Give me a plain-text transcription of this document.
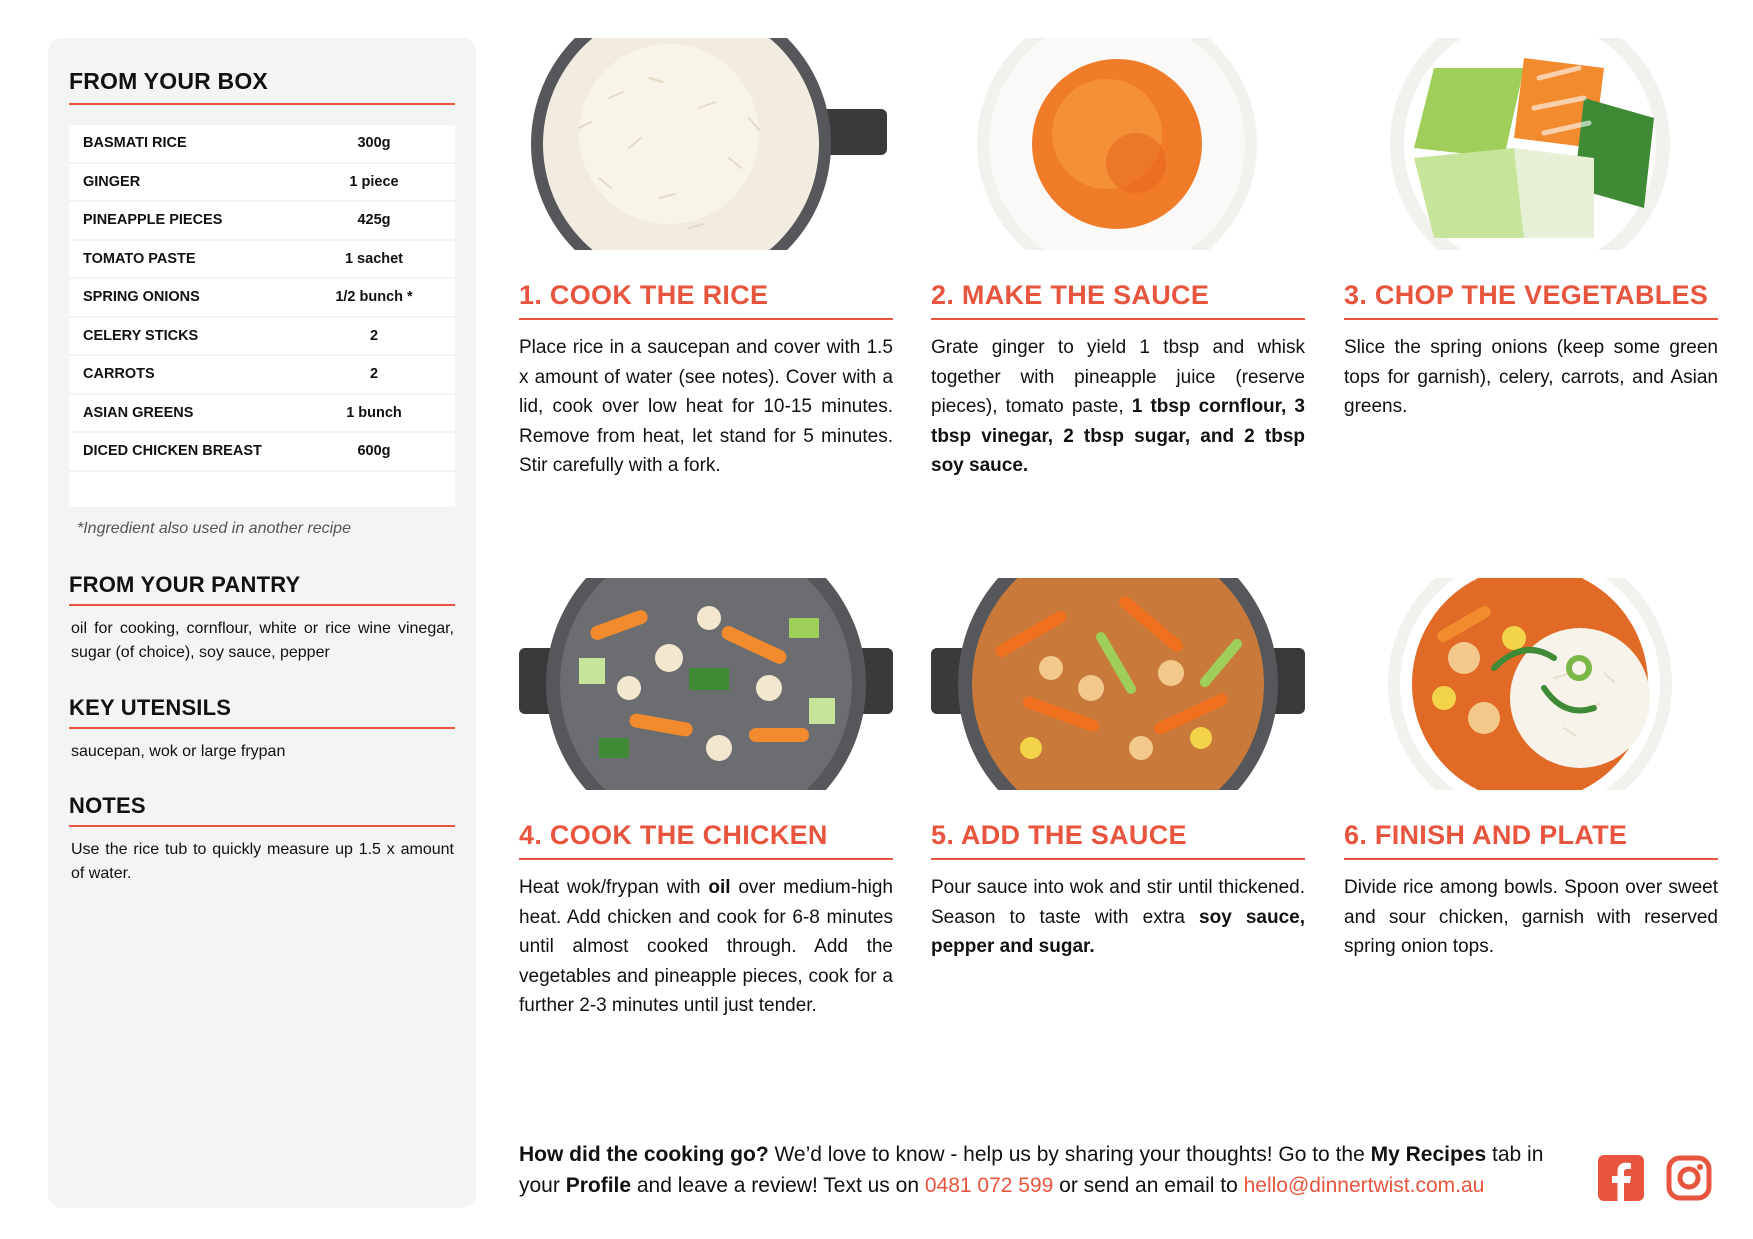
FROM YOUR BOX
BASMATI RICE	300g
GINGER	1 piece
PINEAPPLE PIECES	425g
TOMATO PASTE	1 sachet
SPRING ONIONS	1/2 bunch *
CELERY STICKS	2
CARROTS	2
ASIAN GREENS	1 bunch
DICED CHICKEN BREAST	600g
*Ingredient also used in another recipe
FROM YOUR PANTRY

oil for cooking, cornflour, white or rice wine vinegar, sugar (of choice), soy sauce, pepper

KEY UTENSILS

saucepan, wok or large frypan

NOTES

Use the rice tub to quickly measure up 1.5 x amount of water.

1. COOK THE RICE

Place rice in a saucepan and cover with 1.5 x amount of water (see notes). Cover with a lid, cook over low heat for 10-15 minutes. Remove from heat, let stand for 5 minutes. Stir carefully with a fork.

2. MAKE THE SAUCE

Grate ginger to yield 1 tbsp and whisk together with pineapple juice (reserve pieces), tomato paste, 1 tbsp cornflour, 3 tbsp vinegar, 2 tbsp sugar, and 2 tbsp soy sauce.

3. CHOP THE VEGETABLES

Slice the spring onions (keep some green tops for garnish), celery, carrots, and Asian greens.

4. COOK THE CHICKEN

Heat wok/frypan with oil over medium-high heat. Add chicken and cook for 6-8 minutes until almost cooked through. Add the vegetables and pineapple pieces, cook for a further 2-3 minutes until just tender.

5. ADD THE SAUCE

Pour sauce into wok and stir until thickened. Season to taste with extra soy sauce, pepper and sugar.

6. FINISH AND PLATE

Divide rice among bowls. Spoon over sweet and sour chicken, garnish with reserved spring onion tops.

How did the cooking go? We’d love to know - help us by sharing your thoughts! Go to the My Recipes tab in your Profile and leave a review! Text us on 0481 072 599 or send an email to hello@dinnertwist.com.au
